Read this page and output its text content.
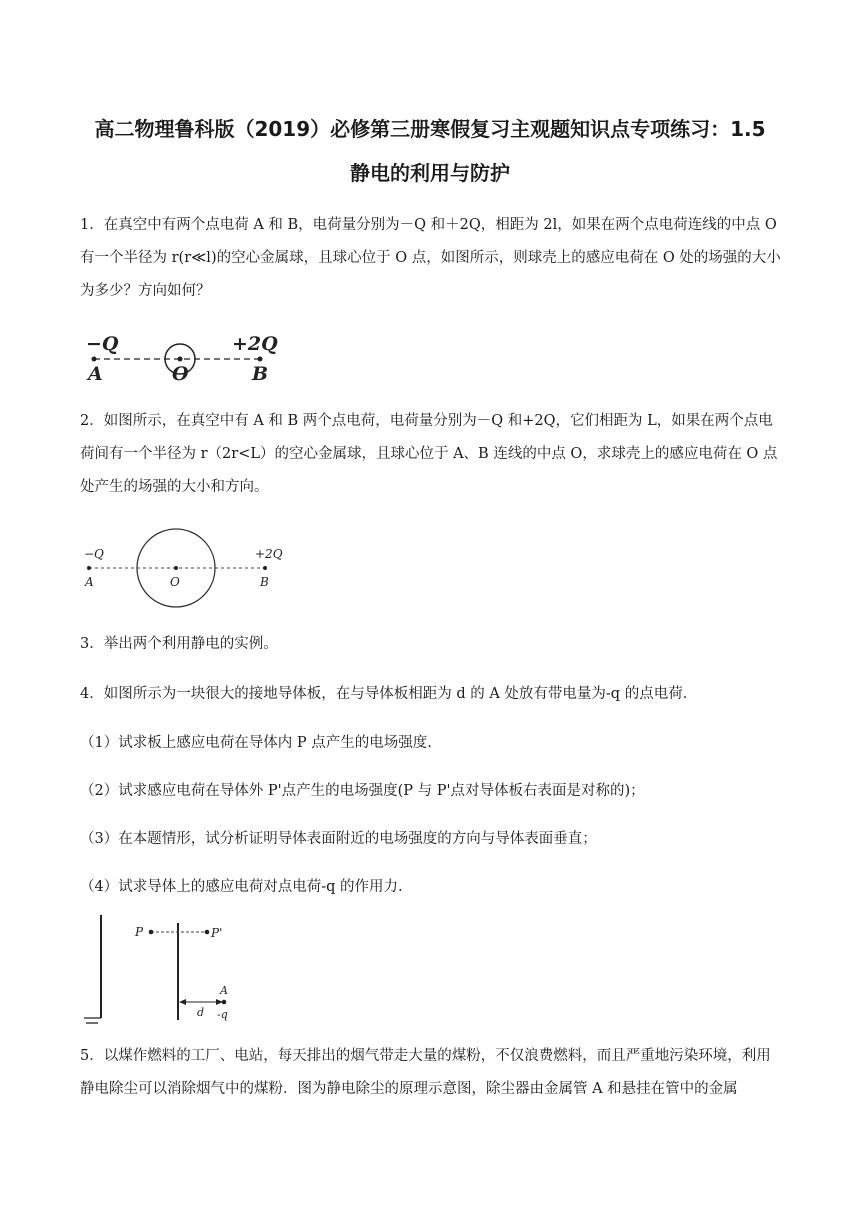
高二物理鲁科版（2019）必修第三册寒假复习主观题知识点专项练习：1.5
静电的利用与防护

1．在真空中有两个点电荷 A 和 B，电荷量分别为－Q 和＋2Q，相距为 2l，如果在两个点电荷连线的中点 O 有一个半径为 r(r≪l)的空心金属球，且球心位于 O 点，如图所示，则球壳上的感应电荷在 O 处的场强的大小为多少？方向如何？

−Q	+2Q
A	O	B

2．如图所示，在真空中有 A 和 B 两个点电荷，电荷量分别为－Q 和+2Q，它们相距为 L，如果在两个点电荷间有一个半径为 r（2r<L）的空心金属球，且球心位于 A、B 连线的中点 O，求球壳上的感应电荷在 O 点处产生的场强的大小和方向。

−Q	+2Q
A	O	B

3．举出两个利用静电的实例。

4．如图所示为一块很大的接地导体板，在与导体板相距为 d 的 A 处放有带电量为-q 的点电荷．

（1）试求板上感应电荷在导体内 P 点产生的电场强度.

（2）试求感应电荷在导体外 P'点产生的电场强度(P 与 P'点对导体板右表面是对称的)；

（3）在本题情形，试分析证明导体表面附近的电场强度的方向与导体表面垂直；

（4）试求导体上的感应电荷对点电荷-q 的作用力.

P	P'
A
d -q

5．以煤作燃料的工厂、电站，每天排出的烟气带走大量的煤粉，不仅浪费燃料，而且严重地污染环境，利用静电除尘可以消除烟气中的煤粉．图为静电除尘的原理示意图，除尘器由金属管 A 和悬挂在管中的金属
